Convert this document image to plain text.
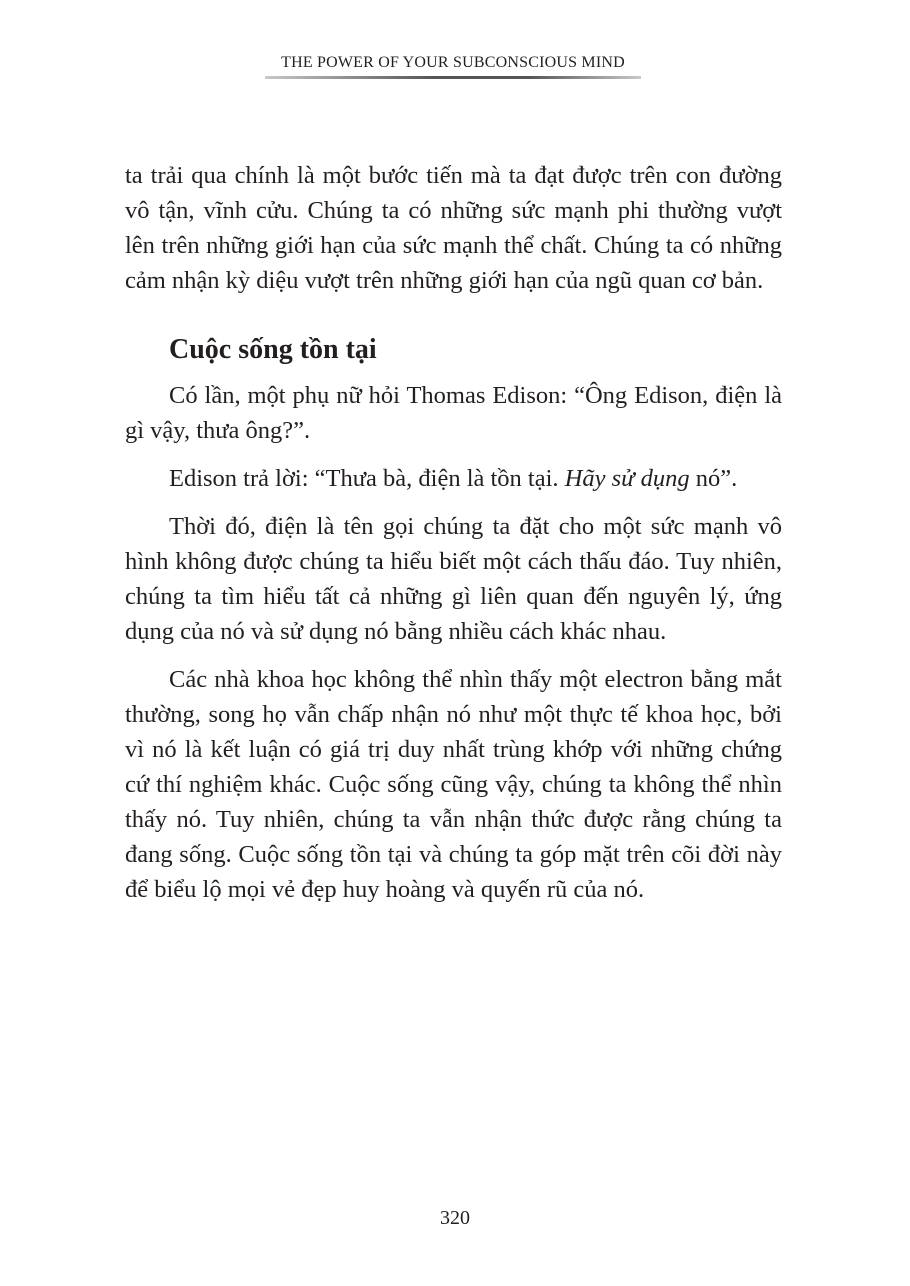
THE POWER OF YOUR SUBCONSCIOUS MIND

ta trải qua chính là một bước tiến mà ta đạt được trên con đường vô tận, vĩnh cửu. Chúng ta có những sức mạnh phi thường vượt lên trên những giới hạn của sức mạnh thể chất. Chúng ta có những cảm nhận kỳ diệu vượt trên những giới hạn của ngũ quan cơ bản.

Cuộc sống tồn tại

Có lần, một phụ nữ hỏi Thomas Edison: “Ông Edison, điện là gì vậy, thưa ông?”.

Edison trả lời: “Thưa bà, điện là tồn tại. Hãy sử dụng nó”.

Thời đó, điện là tên gọi chúng ta đặt cho một sức mạnh vô hình không được chúng ta hiểu biết một cách thấu đáo. Tuy nhiên, chúng ta tìm hiểu tất cả những gì liên quan đến nguyên lý, ứng dụng của nó và sử dụng nó bằng nhiều cách khác nhau.

Các nhà khoa học không thể nhìn thấy một electron bằng mắt thường, song họ vẫn chấp nhận nó như một thực tế khoa học, bởi vì nó là kết luận có giá trị duy nhất trùng khớp với những chứng cứ thí nghiệm khác. Cuộc sống cũng vậy, chúng ta không thể nhìn thấy nó. Tuy nhiên, chúng ta vẫn nhận thức được rằng chúng ta đang sống. Cuộc sống tồn tại và chúng ta góp mặt trên cõi đời này để biểu lộ mọi vẻ đẹp huy hoàng và quyến rũ của nó.

320
